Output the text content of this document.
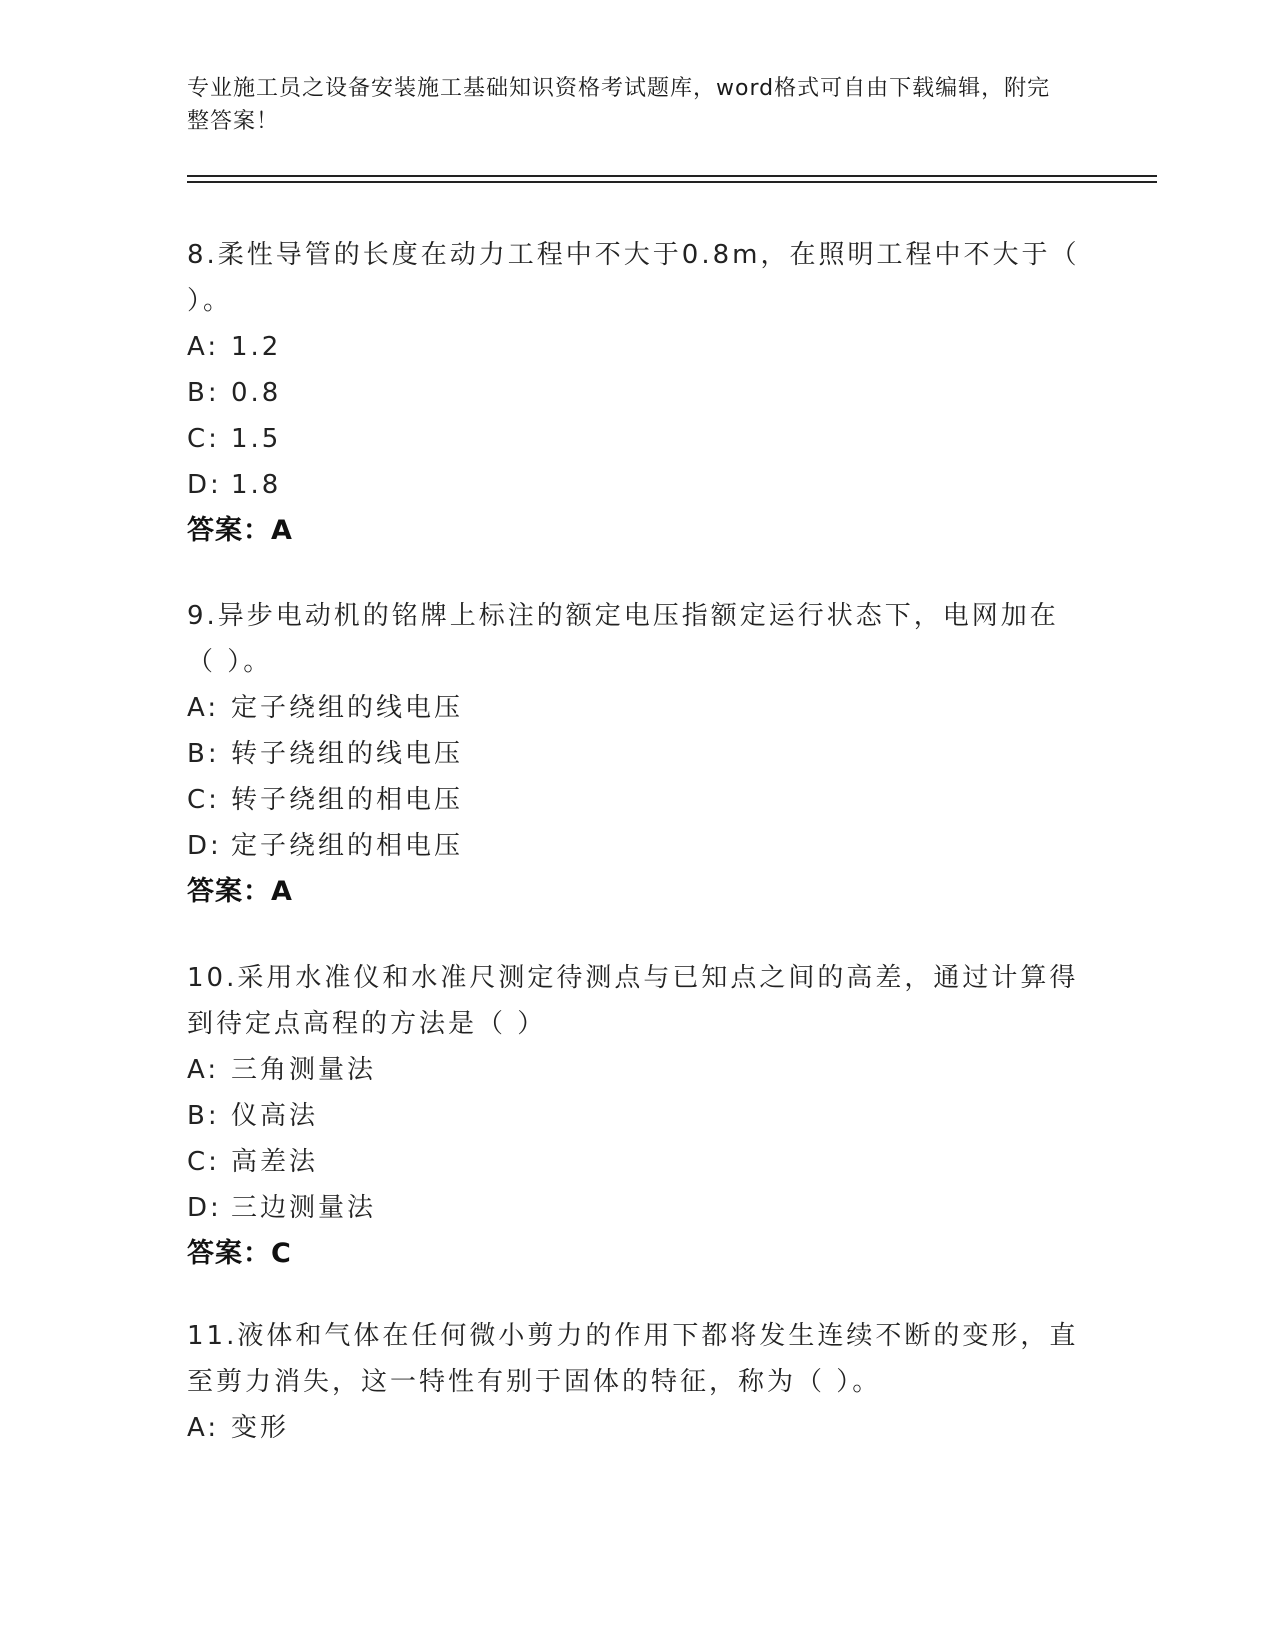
专业施工员之设备安装施工基础知识资格考试题库，word格式可自由下载编辑，附完整答案！

8.柔性导管的长度在动力工程中不大于0.8m，在照明工程中不大于（ ）。

A: 1.2

B: 0.8

C: 1.5

D: 1.8

答案：A

9.异步电动机的铭牌上标注的额定电压指额定运行状态下，电网加在（ ）。

A: 定子绕组的线电压

B: 转子绕组的线电压

C: 转子绕组的相电压

D: 定子绕组的相电压

答案：A

10.采用水准仪和水准尺测定待测点与已知点之间的高差，通过计算得到待定点高程的方法是（ ）

A: 三角测量法

B: 仪高法

C: 高差法

D: 三边测量法

答案：C

11.液体和气体在任何微小剪力的作用下都将发生连续不断的变形，直至剪力消失，这一特性有别于固体的特征，称为（ ）。

A: 变形
